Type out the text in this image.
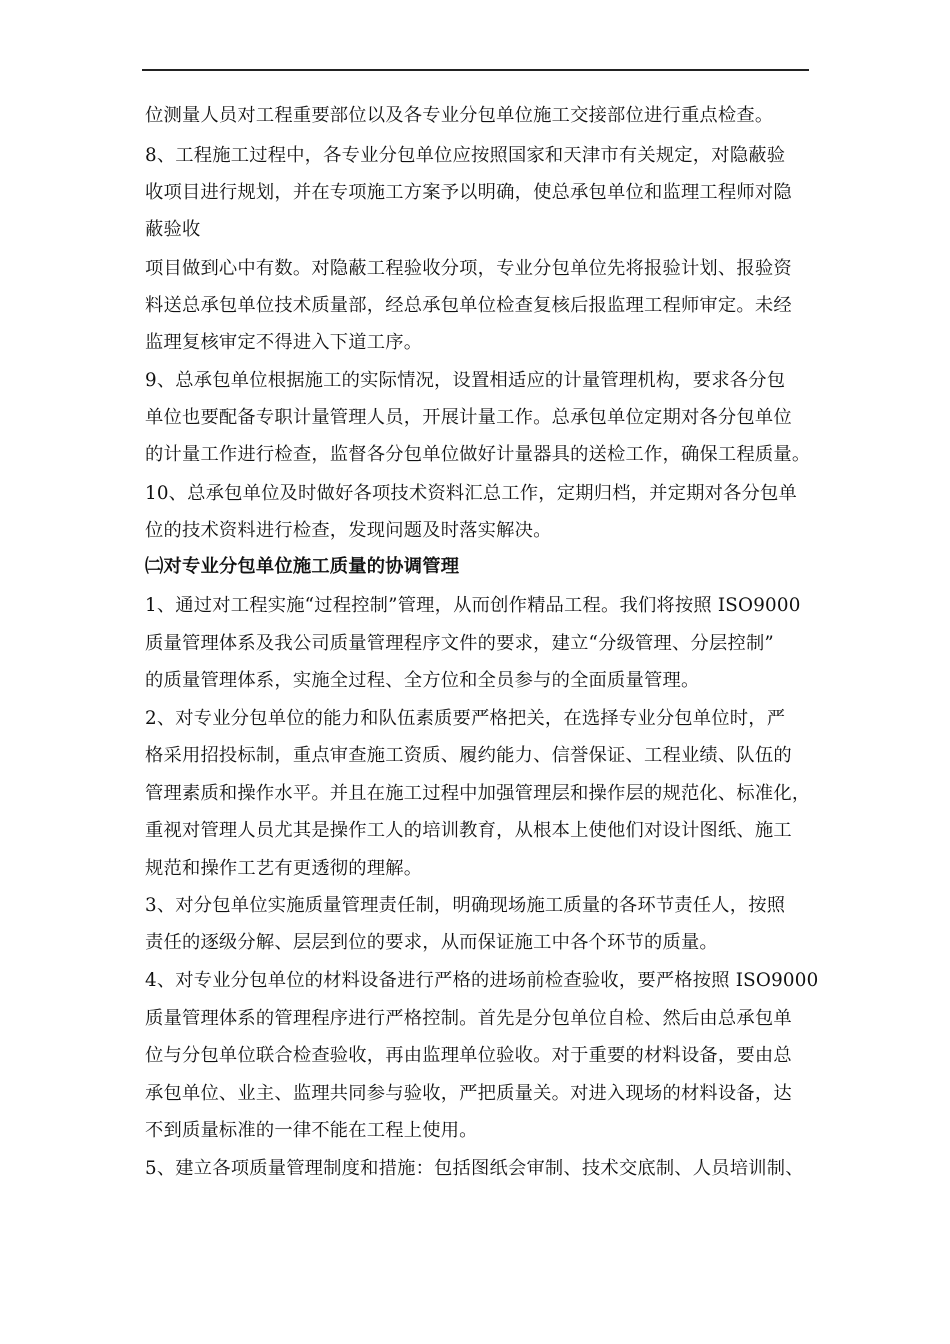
位测量人员对工程重要部位以及各专业分包单位施工交接部位进行重点检查。
8、工程施工过程中，各专业分包单位应按照国家和天津市有关规定，对隐蔽验
收项目进行规划，并在专项施工方案予以明确，使总承包单位和监理工程师对隐
蔽验收
项目做到心中有数。对隐蔽工程验收分项，专业分包单位先将报验计划、报验资
料送总承包单位技术质量部，经总承包单位检查复核后报监理工程师审定。未经
监理复核审定不得进入下道工序。
9、总承包单位根据施工的实际情况，设置相适应的计量管理机构，要求各分包
单位也要配备专职计量管理人员，开展计量工作。总承包单位定期对各分包单位
的计量工作进行检查，监督各分包单位做好计量器具的送检工作，确保工程质量。
10、总承包单位及时做好各项技术资料汇总工作，定期归档，并定期对各分包单
位的技术资料进行检查，发现问题及时落实解决。
㈡对专业分包单位施工质量的协调管理
1、通过对工程实施“过程控制”管理，从而创作精品工程。我们将按照 ISO9000
质量管理体系及我公司质量管理程序文件的要求，建立“分级管理、分层控制”
的质量管理体系，实施全过程、全方位和全员参与的全面质量管理。
2、对专业分包单位的能力和队伍素质要严格把关，在选择专业分包单位时，严
格采用招投标制，重点审查施工资质、履约能力、信誉保证、工程业绩、队伍的
管理素质和操作水平。并且在施工过程中加强管理层和操作层的规范化、标准化，
重视对管理人员尤其是操作工人的培训教育，从根本上使他们对设计图纸、施工
规范和操作工艺有更透彻的理解。
3、对分包单位实施质量管理责任制，明确现场施工质量的各环节责任人，按照
责任的逐级分解、层层到位的要求，从而保证施工中各个环节的质量。
4、对专业分包单位的材料设备进行严格的进场前检查验收，要严格按照 ISO9000
质量管理体系的管理程序进行严格控制。首先是分包单位自检、然后由总承包单
位与分包单位联合检查验收，再由监理单位验收。对于重要的材料设备，要由总
承包单位、业主、监理共同参与验收，严把质量关。对进入现场的材料设备，达
不到质量标准的一律不能在工程上使用。
5、建立各项质量管理制度和措施：包括图纸会审制、技术交底制、人员培训制、
